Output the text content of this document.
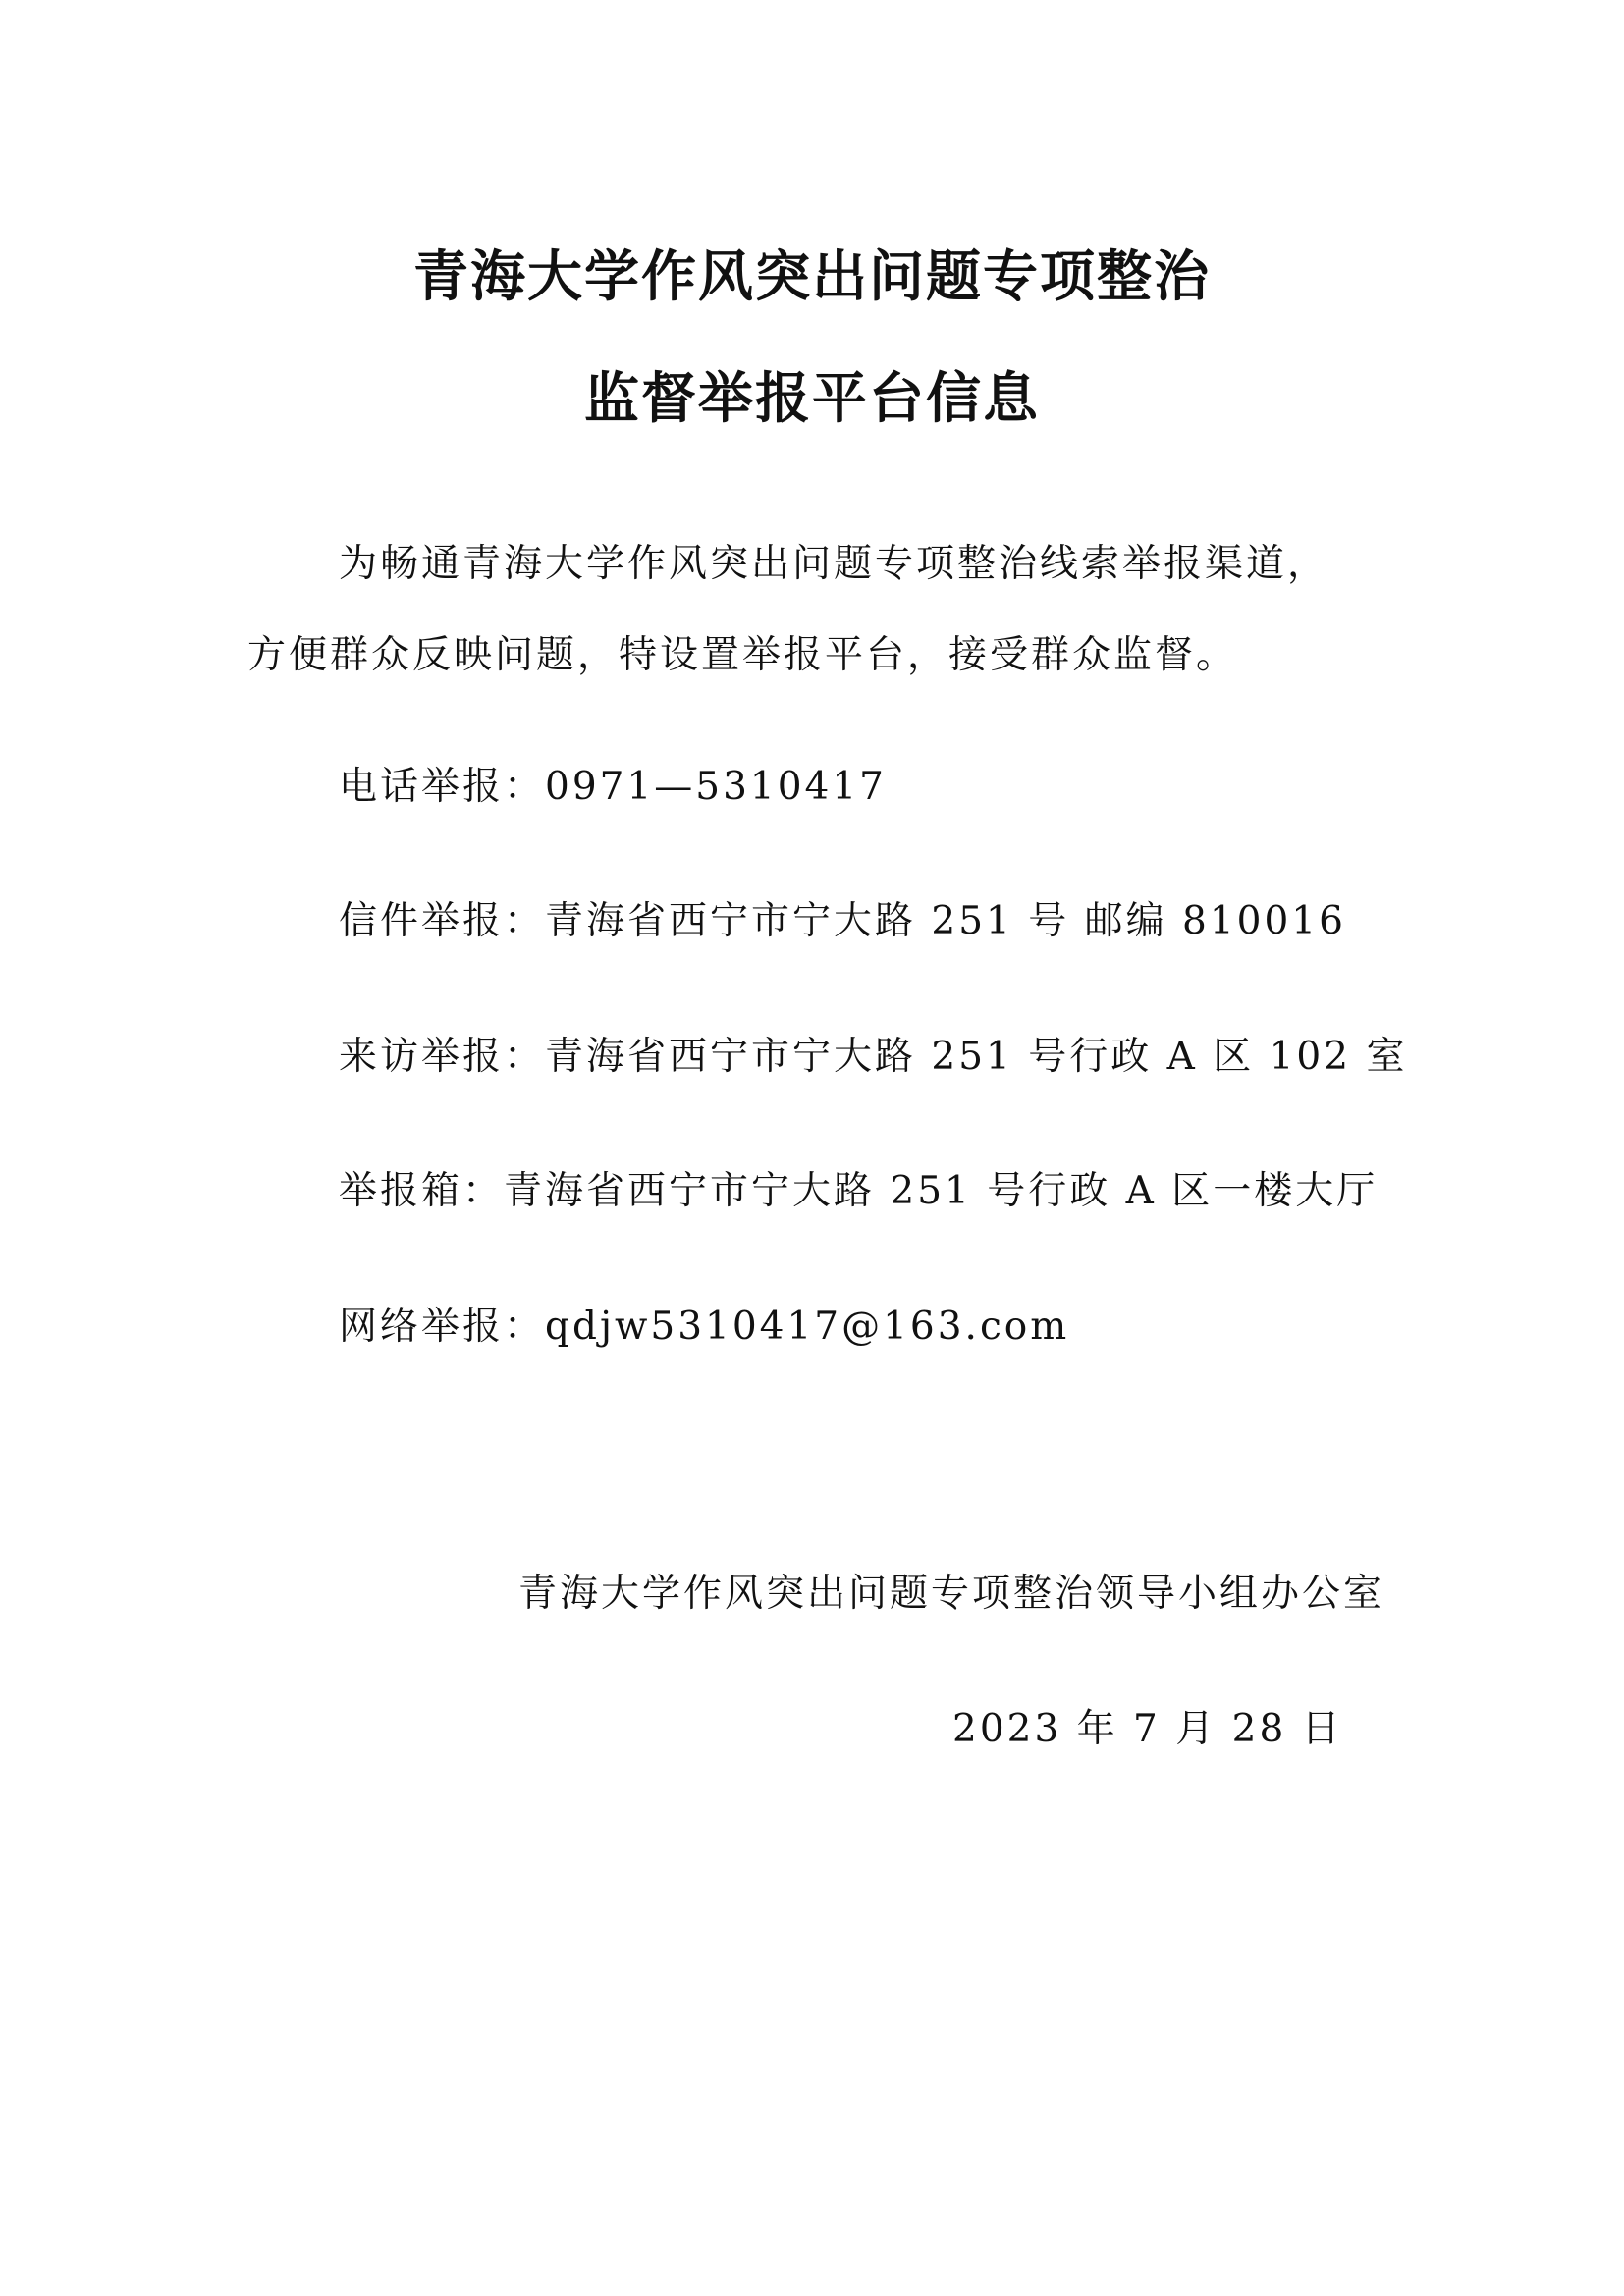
青海大学作风突出问题专项整治
监督举报平台信息
为畅通青海大学作风突出问题专项整治线索举报渠道，
方便群众反映问题，特设置举报平台，接受群众监督。
电话举报：0971—5310417
信件举报：青海省西宁市宁大路 251 号 邮编 810016
来访举报：青海省西宁市宁大路 251 号行政 A 区 102 室
举报箱：青海省西宁市宁大路 251 号行政 A 区一楼大厅
网络举报：qdjw5310417@163.com
青海大学作风突出问题专项整治领导小组办公室
2023 年 7 月 28 日
